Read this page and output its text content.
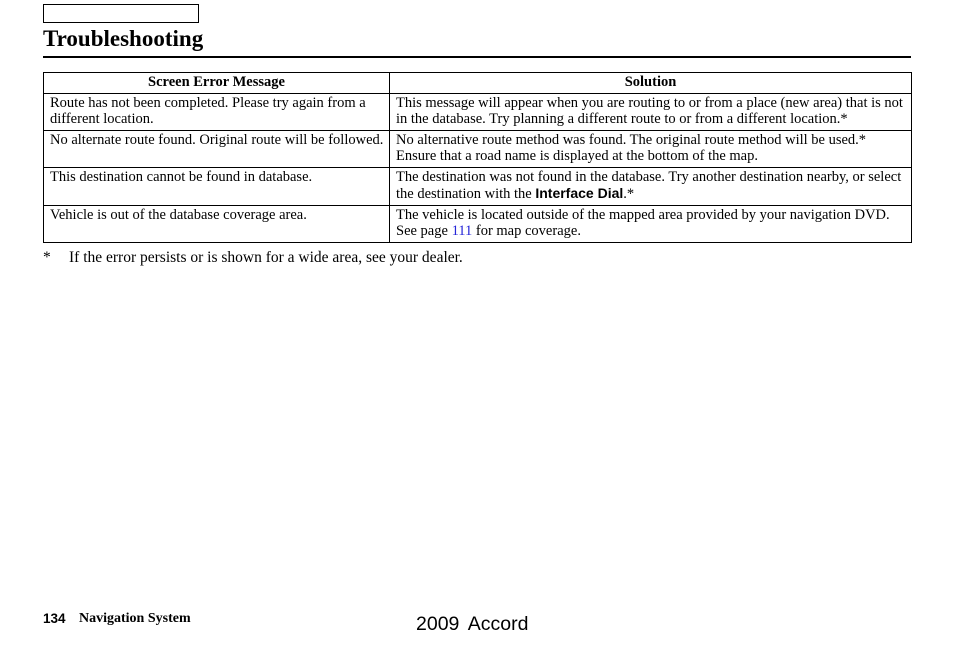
Troubleshooting
Screen Error Message	Solution
Route has not been completed. Please try again from a different location.	This message will appear when you are routing to or from a place (new area) that is not in the database. Try planning a different route to or from a different location.*
No alternate route found. Original route will be followed.	No alternative route method was found. The original route method will be used.* Ensure that a road name is displayed at the bottom of the map.
This destination cannot be found in database.	The destination was not found in the database. Try another destination nearby, or select the destination with the Interface Dial.*
Vehicle is out of the database coverage area.	The vehicle is located outside of the mapped area provided by your navigation DVD. See page 111 for map coverage.
* If the error persists or is shown for a wide area, see your dealer.
134 Navigation System	2009 Accord
